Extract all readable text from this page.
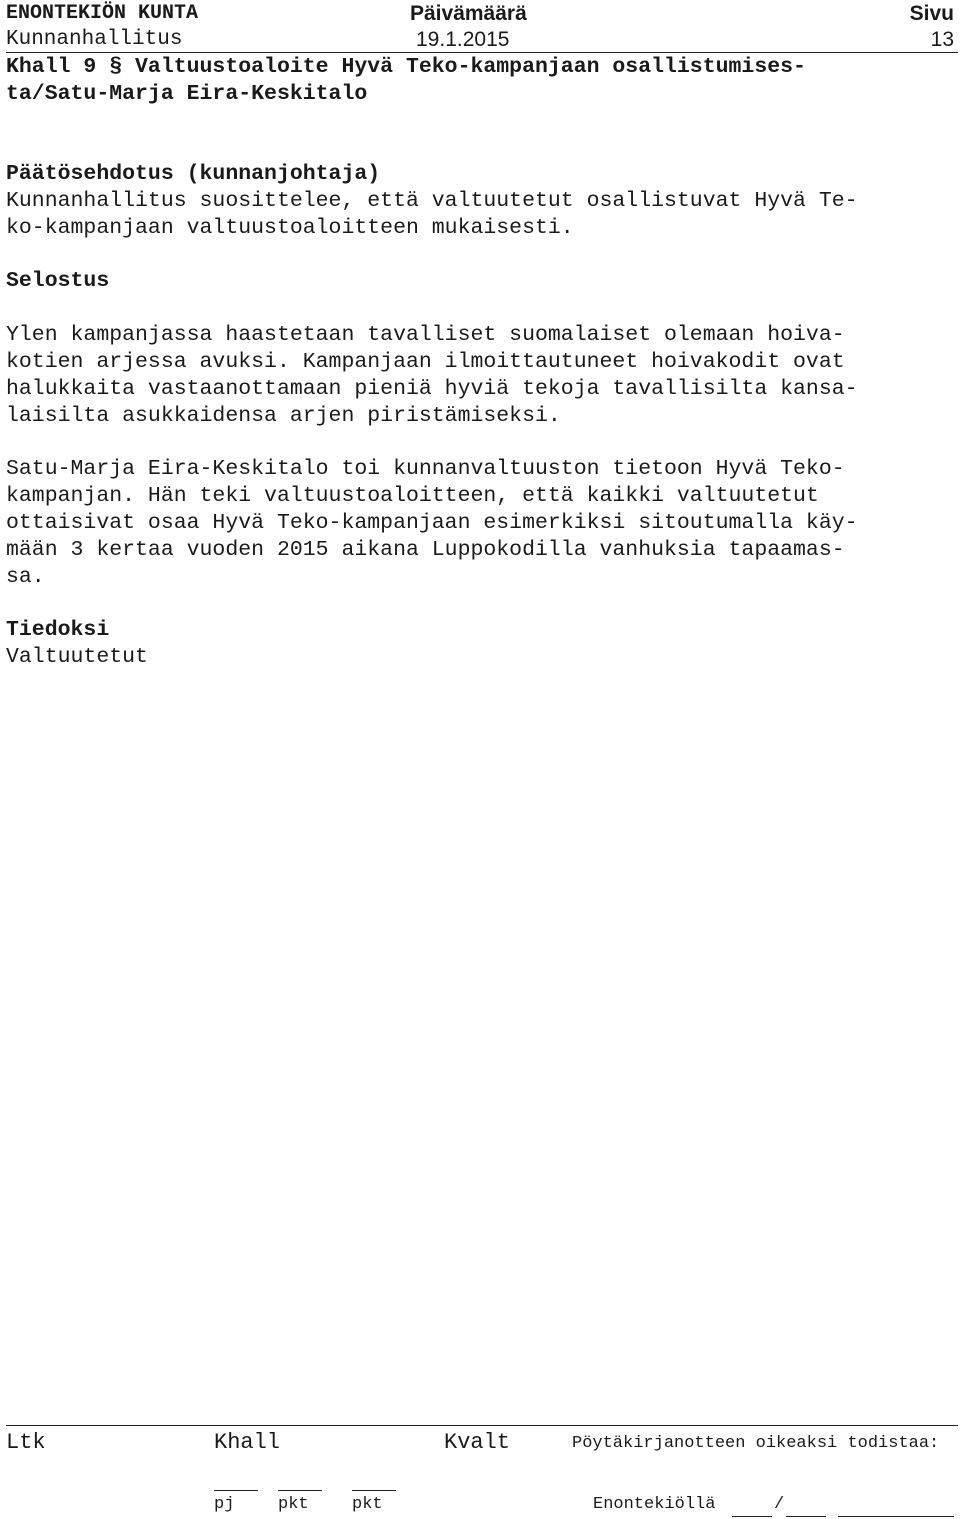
ENONTEKIÖN KUNTA	Päivämäärä	Sivu
Kunnanhallitus	19.1.2015	13
Khall 9 § Valtuustoaloite Hyvä Teko-kampanjaan osallistumises-
ta/Satu-Marja Eira-Keskitalo
Päätösehdotus (kunnanjohtaja)
Kunnanhallitus suosittelee, että valtuutetut osallistuvat Hyvä Te-
ko-kampanjaan valtuustoaloitteen mukaisesti.
Selostus
Ylen kampanjassa haastetaan tavalliset suomalaiset olemaan hoiva-
kotien arjessa avuksi. Kampanjaan ilmoittautuneet hoivakodit ovat
halukkaita vastaanottamaan pieniä hyviä tekoja tavallisilta kansa-
laisilta asukkaidensa arjen piristämiseksi.
Satu-Marja Eira-Keskitalo toi kunnanvaltuuston tietoon Hyvä Teko-
kampanjan. Hän teki valtuustoaloitteen, että kaikki valtuutetut
ottaisivat osaa Hyvä Teko-kampanjaan esimerkiksi sitoutumalla käy-
mään 3 kertaa vuoden 2015 aikana Luppokodilla vanhuksia tapaamas-
sa.
Tiedoksi
Valtuutetut
Ltk	Khall	Kvalt	Pöytäkirjanotteen oikeaksi todistaa:
pj	pkt	pkt	Enontekiöllä	/
